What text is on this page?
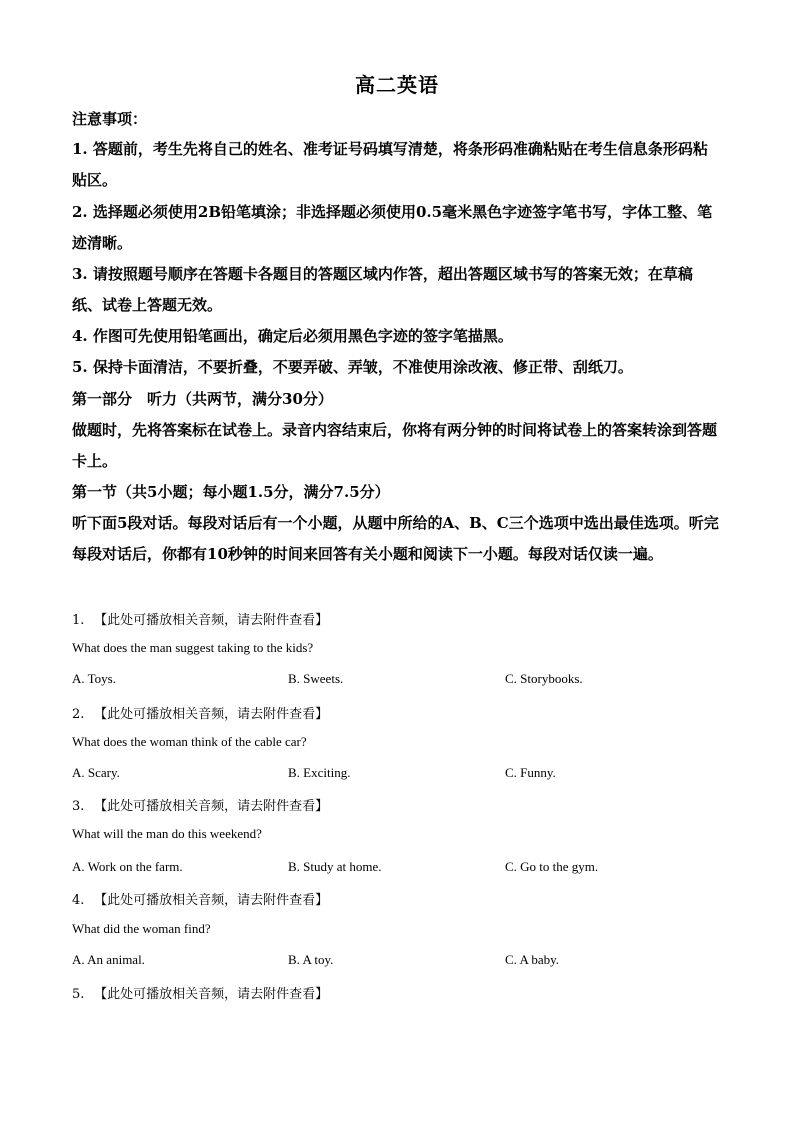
高二英语
注意事项：
1. 答题前，考生先将自己的姓名、准考证号码填写清楚，将条形码准确粘贴在考生信息条形码粘贴区。
2. 选择题必须使用2B铅笔填涂；非选择题必须使用0.5毫米黑色字迹签字笔书写，字体工整、笔迹清晰。
3. 请按照题号顺序在答题卡各题目的答题区域内作答，超出答题区域书写的答案无效；在草稿纸、试卷上答题无效。
4. 作图可先使用铅笔画出，确定后必须用黑色字迹的签字笔描黑。
5. 保持卡面清洁，不要折叠，不要弄破、弄皱，不准使用涂改液、修正带、刮纸刀。
第一部分　听力（共两节，满分30分）
做题时，先将答案标在试卷上。录音内容结束后，你将有两分钟的时间将试卷上的答案转涂到答题卡上。
第一节（共5小题；每小题1.5分，满分7.5分）
听下面5段对话。每段对话后有一个小题，从题中所给的A、B、C三个选项中选出最佳选项。听完每段对话后，你都有10秒钟的时间来回答有关小题和阅读下一小题。每段对话仅读一遍。
1. 【此处可播放相关音频，请去附件查看】
What does the man suggest taking to the kids?
A. Toys.	B. Sweets.	C. Storybooks.
2. 【此处可播放相关音频，请去附件查看】
What does the woman think of the cable car?
A. Scary.	B. Exciting.	C. Funny.
3. 【此处可播放相关音频，请去附件查看】
What will the man do this weekend?
A. Work on the farm.	B. Study at home.	C. Go to the gym.
4. 【此处可播放相关音频，请去附件查看】
What did the woman find?
A. An animal.	B. A toy.	C. A baby.
5. 【此处可播放相关音频，请去附件查看】
